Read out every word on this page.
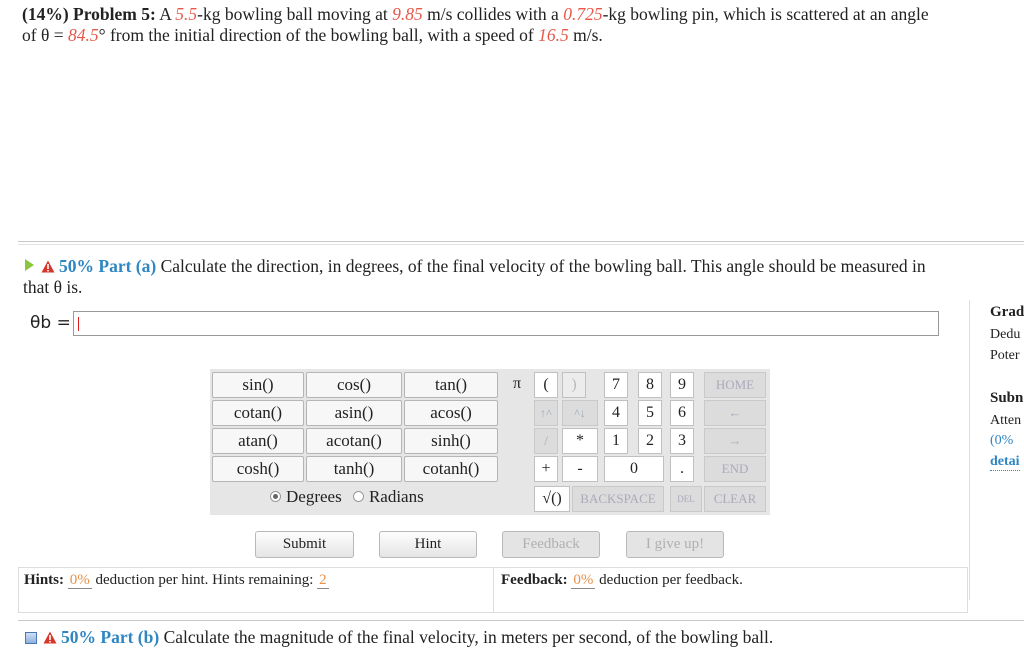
(14%) Problem 5: A 5.5-kg bowling ball moving at 9.85 m/s collides with a 0.725-kg bowling pin, which is scattered at an angle
of θ = 84.5° from the initial direction of the bowling ball, with a speed of 16.5 m/s.
50% Part (a) Calculate the direction, in degrees, of the final velocity of the bowling ball. This angle should be measured in
that θ is.
θb =
Grad
Dedu
Poter
Subn
Atten
(0%
detai
sin()	cos()	tan()
cotan()	asin()	acos()
atan()	acotan()	sinh()
cosh()	tanh()	cotanh()
Degrees Radians
π	(	)	7	8	9	HOME
↑^	^↓	4	5	6	←
/	*	1	2	3	→
+	-	0	.	END
√()	BACKSPACE	DEL	CLEAR
Submit	Hint	Feedback	I give up!
Hints: 0% deduction per hint. Hints remaining: 2	Feedback: 0% deduction per feedback.
50% Part (b) Calculate the magnitude of the final velocity, in meters per second, of the bowling ball.
